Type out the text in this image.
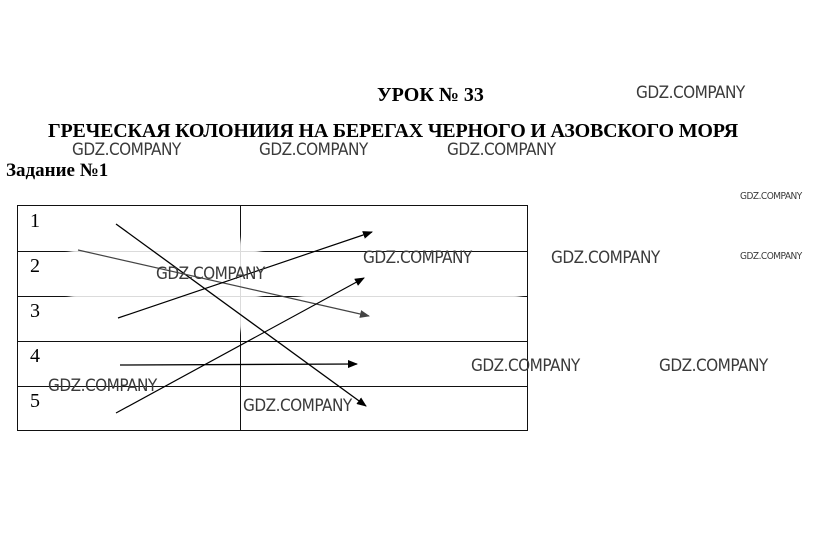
УРОК № 33
ГРЕЧЕСКАЯ КОЛОНИИЯ НА БЕРЕГАХ ЧЕРНОГО И АЗОВСКОГО МОРЯ
Задание №1
1
2
3
4
5
GDZ.COMPANY
GDZ.COMPANY	GDZ.COMPANY	GDZ.COMPANY
GDZ.COMPANY
GDZ.COMPANY
GDZ.COMPANY	GDZ.COMPANY	GDZ.COMPANY
GDZ.COMPANY	GDZ.COMPANY
GDZ.COMPANY
GDZ.COMPANY
